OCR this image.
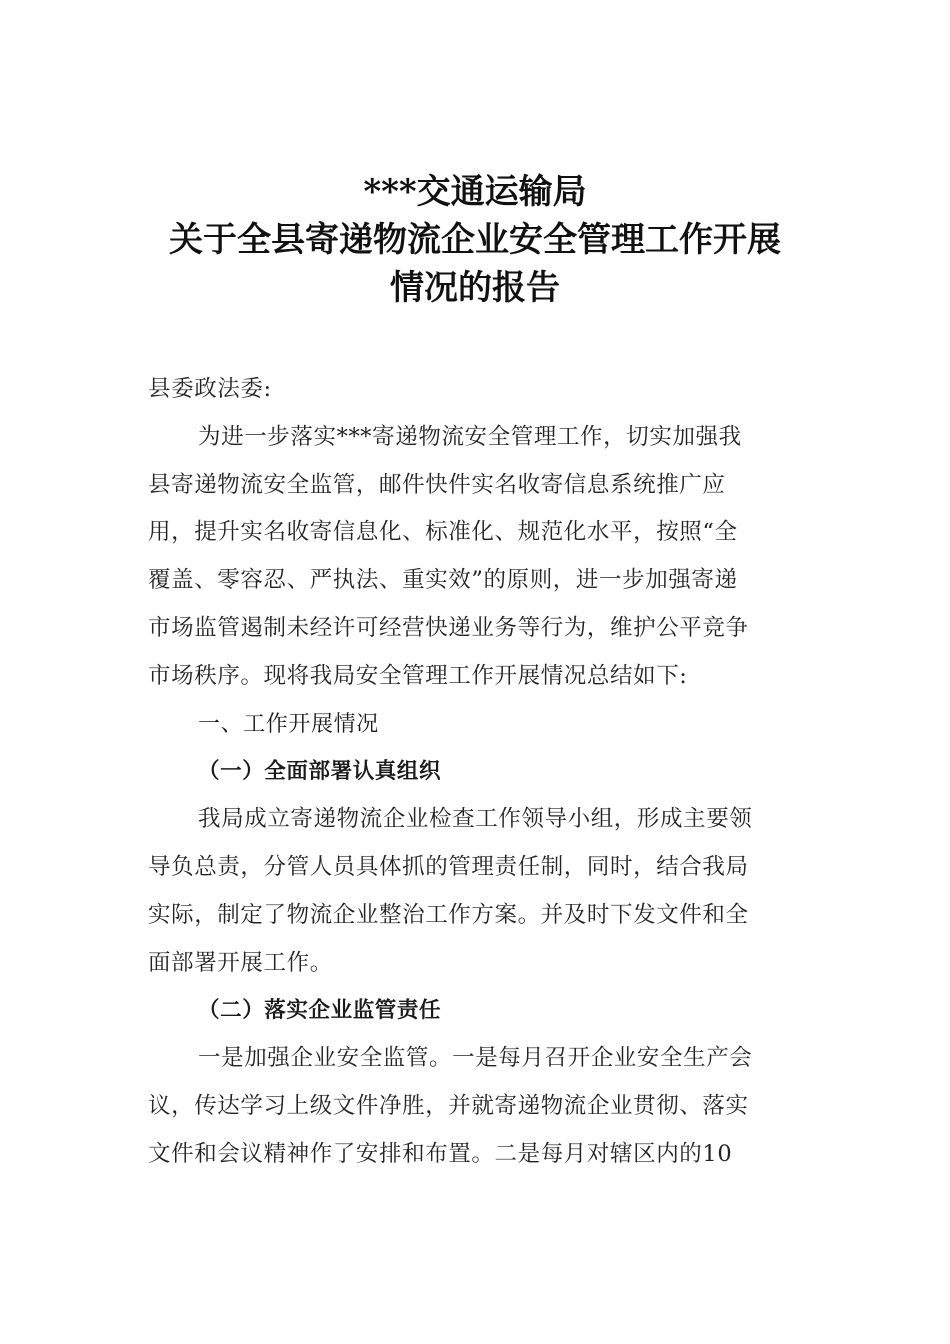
***交通运输局
关于全县寄递物流企业安全管理工作开展
情况的报告
县委政法委:
为进一步落实***寄递物流安全管理工作，切实加强我
县寄递物流安全监管，邮件快件实名收寄信息系统推广应
用，提升实名收寄信息化、标准化、规范化水平，按照“全
覆盖、零容忍、严执法、重实效”的原则，进一步加强寄递
市场监管遏制未经许可经营快递业务等行为，维护公平竞争
市场秩序。现将我局安全管理工作开展情况总结如下:
一、工作开展情况
（一）全面部署认真组织
我局成立寄递物流企业检查工作领导小组，形成主要领
导负总责，分管人员具体抓的管理责任制，同时，结合我局
实际，制定了物流企业整治工作方案。并及时下发文件和全
面部署开展工作。
（二）落实企业监管责任
一是加强企业安全监管。一是每月召开企业安全生产会
议，传达学习上级文件净胜，并就寄递物流企业贯彻、落实
文件和会议精神作了安排和布置。二是每月对辖区内的10
